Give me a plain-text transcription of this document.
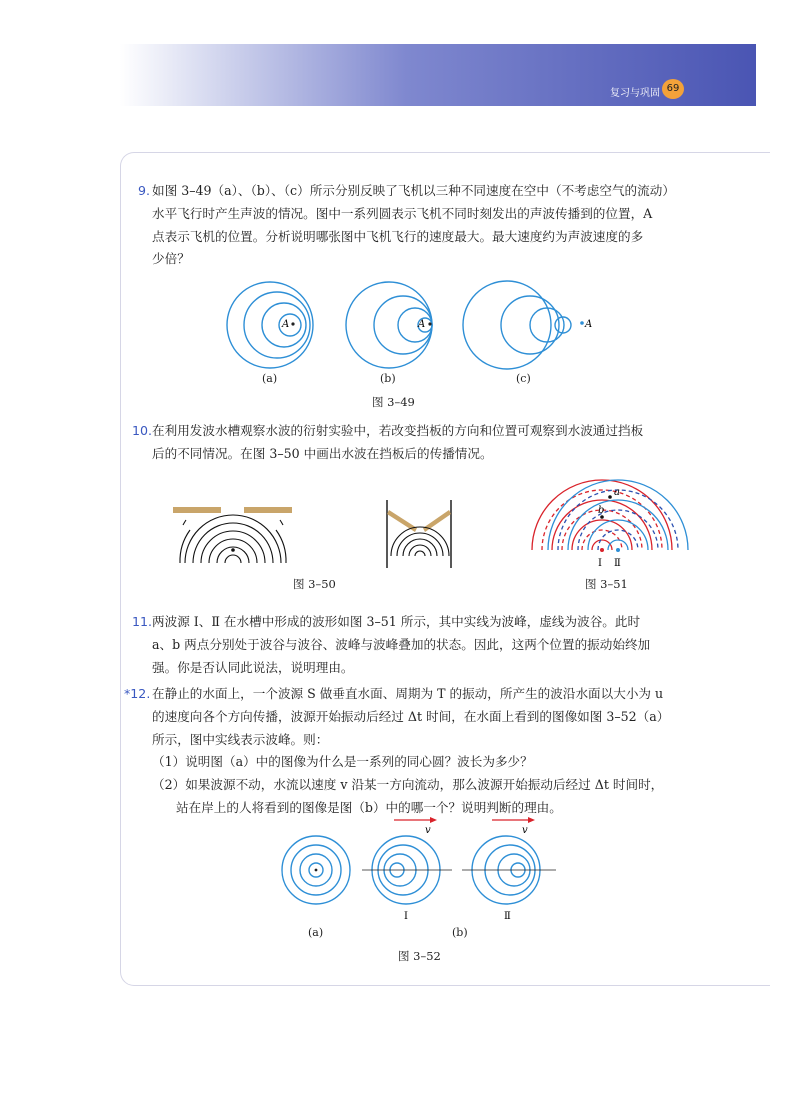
复习与巩固 69

9. 如图 3–49（a）、（b）、（c）所示分别反映了飞机以三种不同速度在空中（不考虑空气的流动）

水平飞行时产生声波的情况。图中一系列圆表示飞机不同时刻发出的声波传播到的位置，A

点表示飞机的位置。分析说明哪张图中飞机飞行的速度最大。最大速度约为声波速度的多

少倍？

A	A	A
(a)	(b)	(c)
图 3–49

10.在利用发波水槽观察水波的衍射实验中，若改变挡板的方向和位置可观察到水波通过挡板

后的不同情况。在图 3–50 中画出水波在挡板后的传播情况。

图 3–50
a
b
Ⅰ Ⅱ
图 3–51

11.两波源 Ⅰ、Ⅱ 在水槽中形成的波形如图 3–51 所示，其中实线为波峰，虚线为波谷。此时

a、b 两点分别处于波谷与波谷、波峰与波峰叠加的状态。因此，这两个位置的振动始终加

强。你是否认同此说法，说明理由。

*12. 在静止的水面上，一个波源 S 做垂直水面、周期为 T 的振动，所产生的波沿水面以大小为 u

的速度向各个方向传播，波源开始振动后经过 Δt 时间，在水面上看到的图像如图 3–52（a）

所示，图中实线表示波峰。则：

（1）说明图（a）中的图像为什么是一系列的同心圆？波长为多少？

（2）如果波源不动，水流以速度 v 沿某一方向流动，那么波源开始振动后经过 Δt 时间时，

站在岸上的人将看到的图像是图（b）中的哪一个？说明判断的理由。

v	v
Ⅰ	Ⅱ
(a)	(b)
图 3–52
